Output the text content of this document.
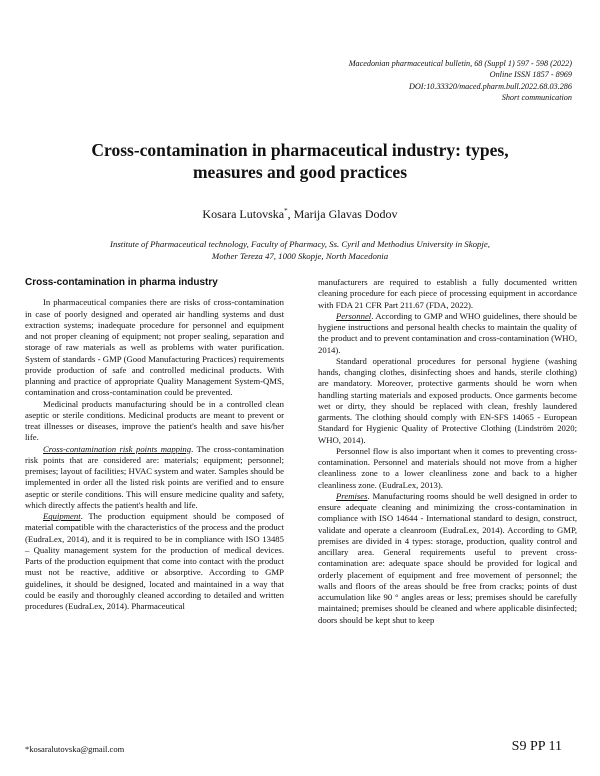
Macedonian pharmaceutical bulletin, 68 (Suppl 1) 597 - 598 (2022)
Online ISSN 1857 - 8969
DOI:10.33320/maced.pharm.bull.2022.68.03.286
Short communication
Cross-contamination in pharmaceutical industry: types,
measures and good practices
Kosara Lutovska*, Marija Glavas Dodov
Institute of Pharmaceutical technology, Faculty of Pharmacy, Ss. Cyril and Methodius University in Skopje,
Mother Tereza 47, 1000 Skopje, North Macedonia
Cross-contamination in pharma industry

In pharmaceutical companies there are risks of cross-contamination in case of poorly designed and operated air handling systems and dust extraction systems; inadequate procedure for personnel and equipment and not proper cleaning of equipment; not proper sealing, separation and storage of raw materials as well as problems with water purification. System of standards - GMP (Good Manufacturing Practices) requirements provide production of safe and controlled medicinal products. With planning and practice of appropriate Quality Management System-QMS, contamination and cross-contamination could be prevented.

Medicinal products manufacturing should be in a controlled clean aseptic or sterile conditions. Medicinal products are meant to prevent or treat illnesses or diseases, improve the patient's health and save his/her life.

Cross-contamination risk points mapping. The cross-contamination risk points that are considered are: materials; equipment; personnel; premises; layout of facilities; HVAC system and water. Samples should be implemented in order all the listed risk points are verified and to ensure aseptic or sterile conditions. This will ensure medicine quality and safety, which directly affects the patient's health and life.

Equipment. The production equipment should be composed of material compatible with the characteristics of the process and the product (EudraLex, 2014), and it is required to be in compliance with ISO 13485 – Quality management system for the production of medical devices. Parts of the production equipment that come into contact with the product must not be reactive, additive or absorptive. According to GMP guidelines, it should be designed, located and maintained in a way that could be easily and thoroughly cleaned according to detailed and written procedures (EudraLex, 2014). Pharmaceutical

manufacturers are required to establish a fully documented written cleaning procedure for each piece of processing equipment in accordance with FDA 21 CFR Part 211.67 (FDA, 2022).

Personnel. According to GMP and WHO guidelines, there should be hygiene instructions and personal health checks to maintain the quality of the product and to prevent contamination and cross-contamination (WHO, 2014).

Standard operational procedures for personal hygiene (washing hands, changing clothes, disinfecting shoes and hands, sterile clothing) are mandatory. Moreover, protective garments should be worn when handling starting materials and exposed products. Once garments become wet or dirty, they should be replaced with clean, freshly laundered garments. The clothing should comply with EN-SFS 14065 - European Standard for Hygienic Quality of Protective Clothing (Lindström 2020; WHO, 2014).

Personnel flow is also important when it comes to preventing cross-contamination. Personnel and materials should not move from a higher cleanliness zone to a lower cleanliness zone and back to a higher cleanliness zone. (EudraLex, 2013).

Premises. Manufacturing rooms should be well designed in order to ensure adequate cleaning and minimizing the cross-contamination in compliance with ISO 14644 - International standard to design, construct, validate and operate a cleanroom (EudraLex, 2014). According to GMP, premises are divided in 4 types: storage, production, quality control and ancillary area. General requirements useful to prevent cross-contamination are: adequate space should be provided for logical and orderly placement of equipment and free movement of personnel; the walls and floors of the areas should be free from cracks; points of dust accumulation like 90 ° angles areas or less; premises should be carefully maintained; premises should be cleaned and where applicable disinfected; doors should be kept shut to keep

*kosaralutovska@gmail.com	S9 PP 11
